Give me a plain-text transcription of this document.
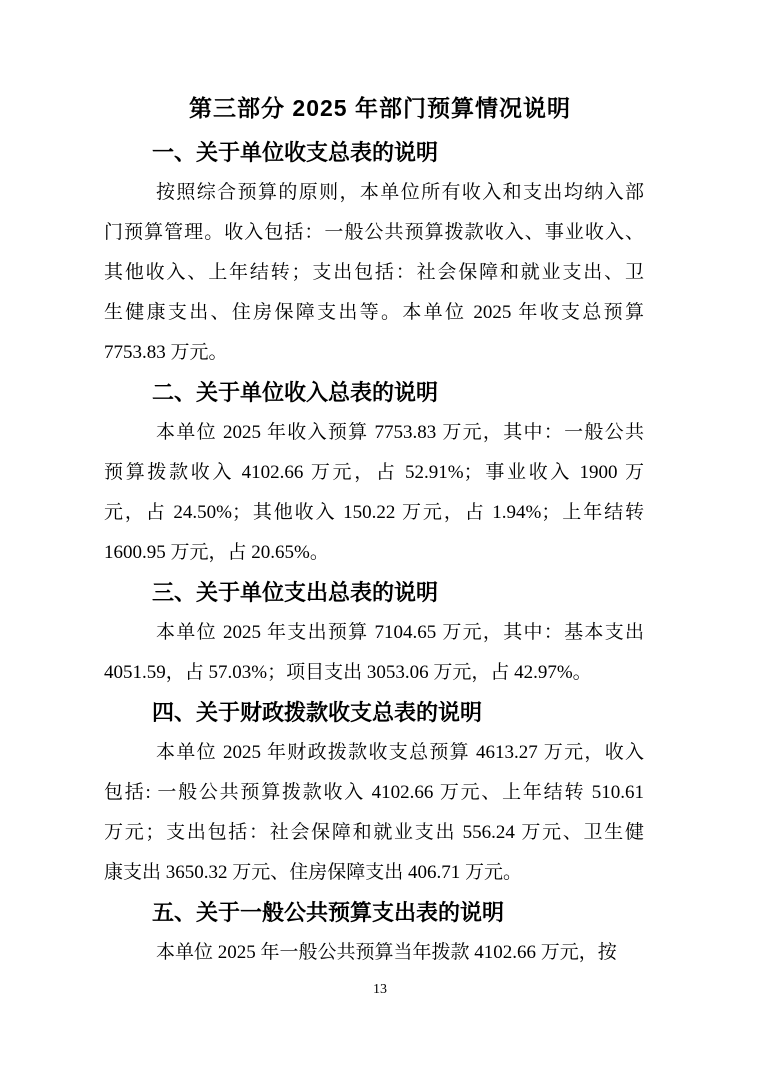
第三部分 2025 年部门预算情况说明
一、关于单位收支总表的说明
按照综合预算的原则，本单位所有收入和支出均纳入部
门预算管理。收入包括：一般公共预算拨款收入、事业收入、
其他收入、上年结转；支出包括：社会保障和就业支出、卫
生健康支出、住房保障支出等。本单位 2025 年收支总预算
7753.83 万元。
二、关于单位收入总表的说明
本单位 2025 年收入预算 7753.83 万元，其中：一般公共
预算拨款收入 4102.66 万元，占 52.91%；事业收入 1900 万
元，占 24.50%；其他收入 150.22 万元，占 1.94%；上年结转
1600.95 万元，占 20.65%。
三、关于单位支出总表的说明
本单位 2025 年支出预算 7104.65 万元，其中：基本支出
4051.59，占 57.03%；项目支出 3053.06 万元，占 42.97%。
四、关于财政拨款收支总表的说明
本单位 2025 年财政拨款收支总预算 4613.27 万元，收入
包括: 一般公共预算拨款收入 4102.66 万元、上年结转 510.61
万元；支出包括：社会保障和就业支出 556.24 万元、卫生健
康支出 3650.32 万元、住房保障支出 406.71 万元。
五、关于一般公共预算支出表的说明
本单位 2025 年一般公共预算当年拨款 4102.66 万元，按
13
